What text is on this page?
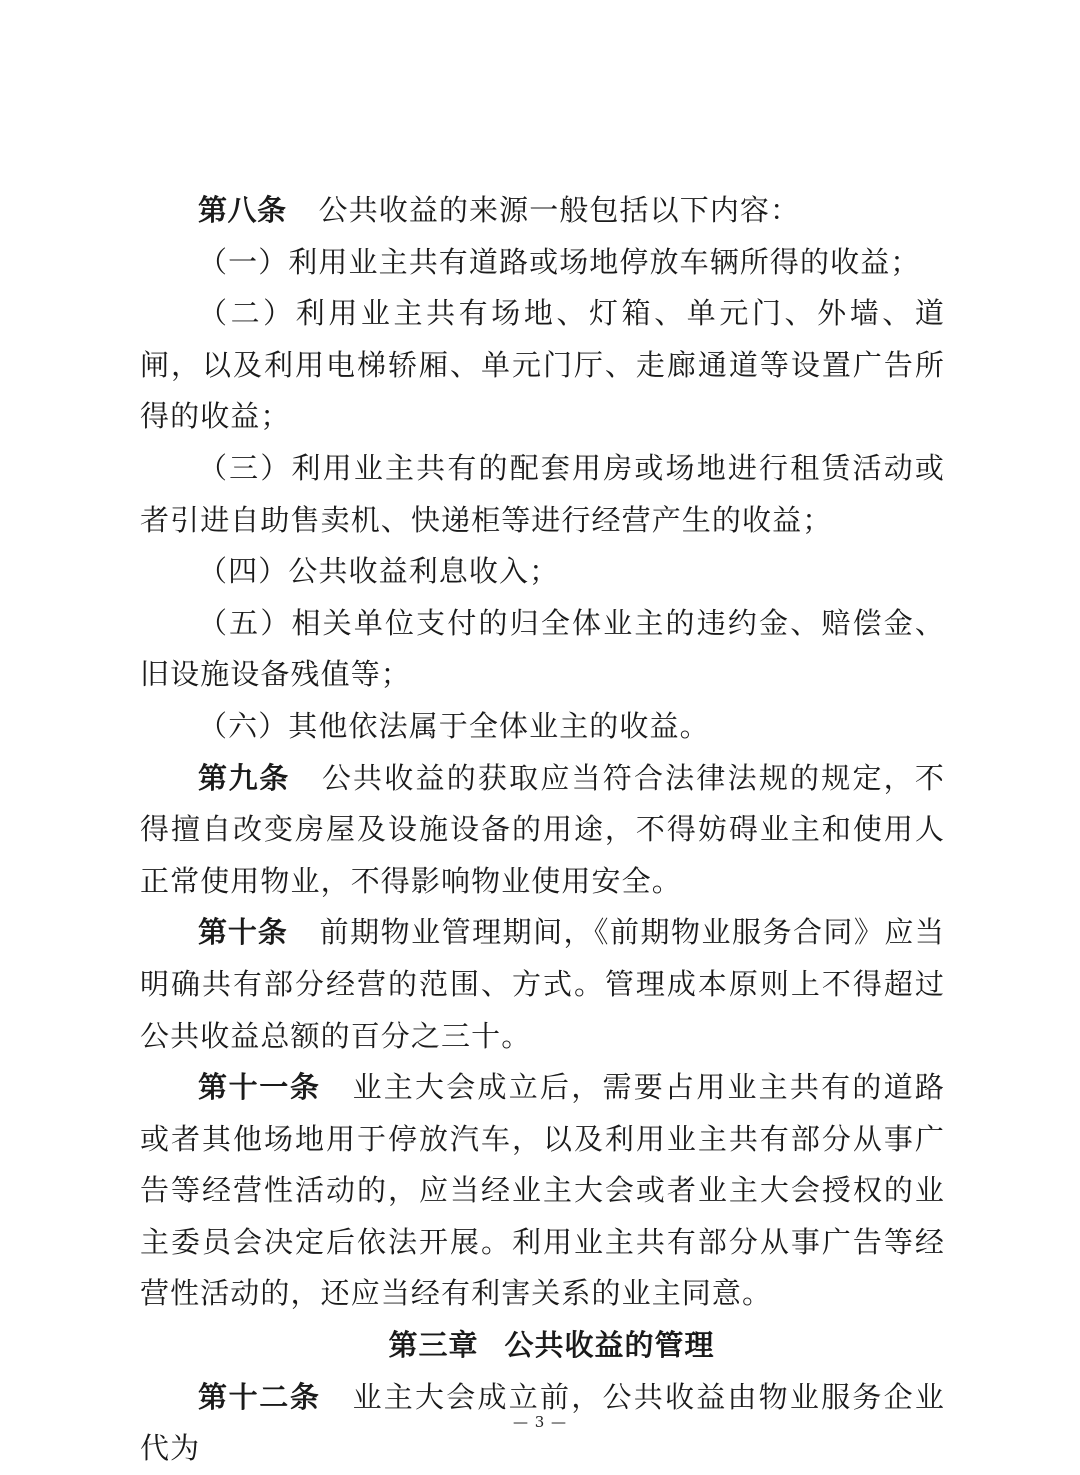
第八条 公共收益的来源一般包括以下内容：

（一）利用业主共有道路或场地停放车辆所得的收益；

（二）利用业主共有场地、灯箱、单元门、外墙、道闸，以及利用电梯轿厢、单元门厅、走廊通道等设置广告所得的收益；

（三）利用业主共有的配套用房或场地进行租赁活动或者引进自助售卖机、快递柜等进行经营产生的收益；

（四）公共收益利息收入；

（五）相关单位支付的归全体业主的违约金、赔偿金、旧设施设备残值等；

（六）其他依法属于全体业主的收益。

第九条 公共收益的获取应当符合法律法规的规定，不得擅自改变房屋及设施设备的用途，不得妨碍业主和使用人正常使用物业，不得影响物业使用安全。

第十条 前期物业管理期间，《前期物业服务合同》应当明确共有部分经营的范围、方式。管理成本原则上不得超过公共收益总额的百分之三十。

第十一条 业主大会成立后，需要占用业主共有的道路或者其他场地用于停放汽车，以及利用业主共有部分从事广告等经营性活动的，应当经业主大会或者业主大会授权的业主委员会决定后依法开展。利用业主共有部分从事广告等经营性活动的，还应当经有利害关系的业主同意。

第三章 公共收益的管理

第十二条 业主大会成立前，公共收益由物业服务企业代为

— 3 —
